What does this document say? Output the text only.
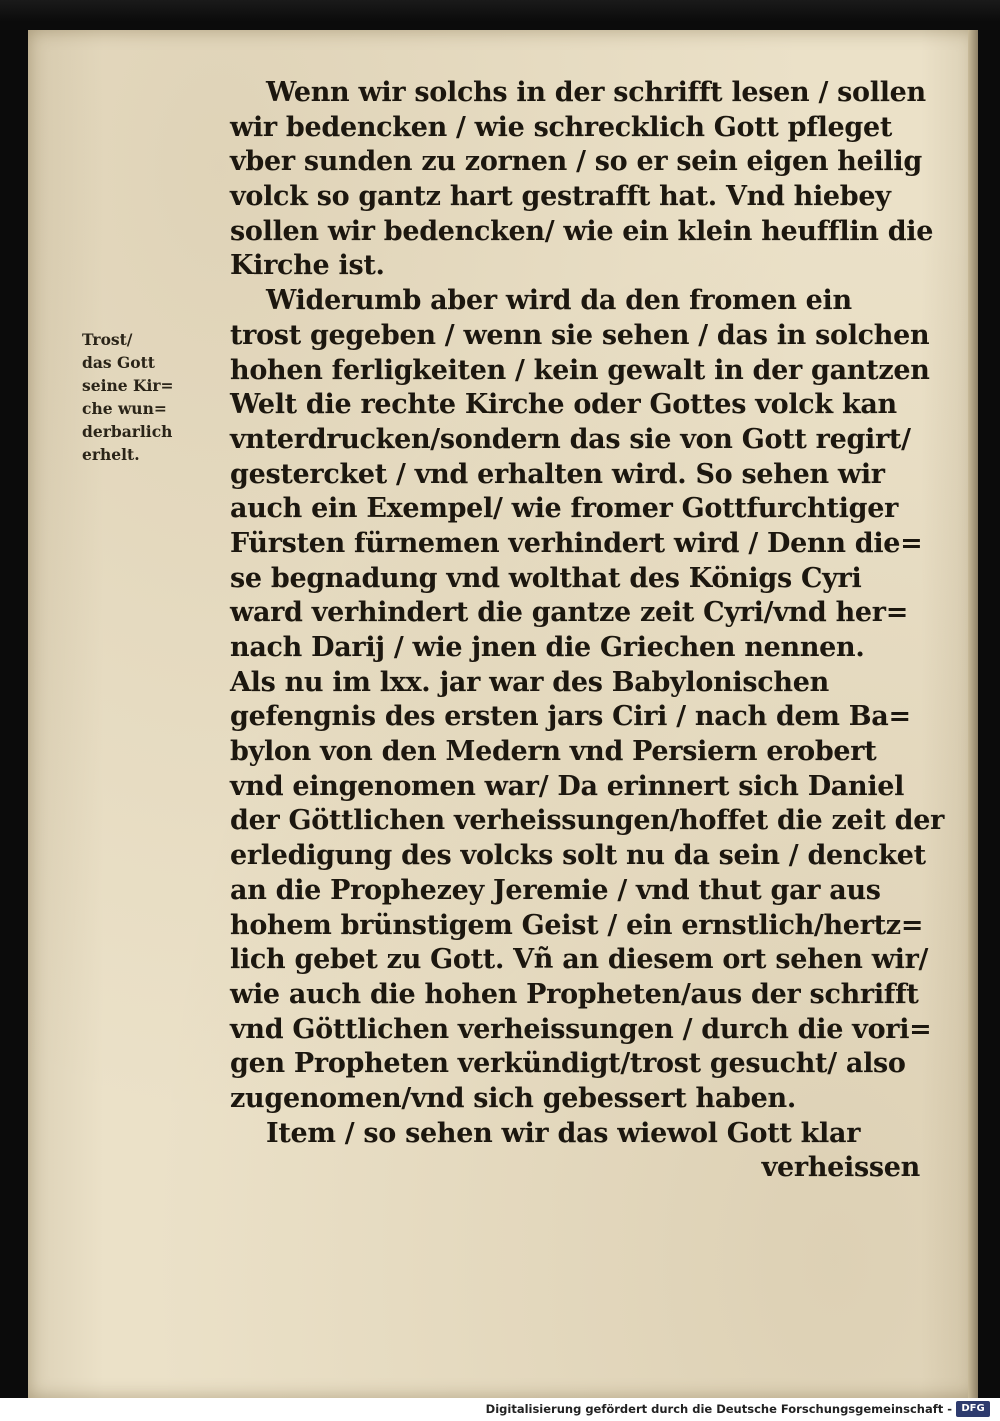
Trost/
das Gott
seine Kir=
che wun=
derbarlich
erhelt.
Wenn wir solchs in der schrifft lesen / sollen
wir bedencken / wie schrecklich Gott pfleget
vber sunden zu zornen / so er sein eigen heilig
volck so gantz hart gestrafft hat. Vnd hiebey
sollen wir bedencken/ wie ein klein heufflin die
Kirche ist.
Widerumb aber wird da den fromen ein
trost gegeben / wenn sie sehen / das in solchen
hohen ferligkeiten / kein gewalt in der gantzen
Welt die rechte Kirche oder Gottes volck kan
vnterdrucken/sondern das sie von Gott regirt/
gestercket / vnd erhalten wird. So sehen wir
auch ein Exempel/ wie fromer Gottfurchtiger
Fürsten fürnemen verhindert wird / Denn die=
se begnadung vnd wolthat des Königs Cyri
ward verhindert die gantze zeit Cyri/vnd her=
nach Darij / wie jnen die Griechen nennen.
Als nu im lxx. jar war des Babylonischen
gefengnis des ersten jars Ciri / nach dem Ba=
bylon von den Medern vnd Persiern erobert
vnd eingenomen war/ Da erinnert sich Daniel
der Göttlichen verheissungen/hoffet die zeit der
erledigung des volcks solt nu da sein / dencket
an die Prophezey Jeremie / vnd thut gar aus
hohem brünstigem Geist / ein ernstlich/hertz=
lich gebet zu Gott. Vñ an diesem ort sehen wir/
wie auch die hohen Propheten/aus der schrifft
vnd Göttlichen verheissungen / durch die vori=
gen Propheten verkündigt/trost gesucht/ also
zugenomen/vnd sich gebessert haben.
Item / so sehen wir das wiewol Gott klar
verheissen
Digitalisierung gefördert durch die Deutsche Forschungsgemeinschaft - DFG
